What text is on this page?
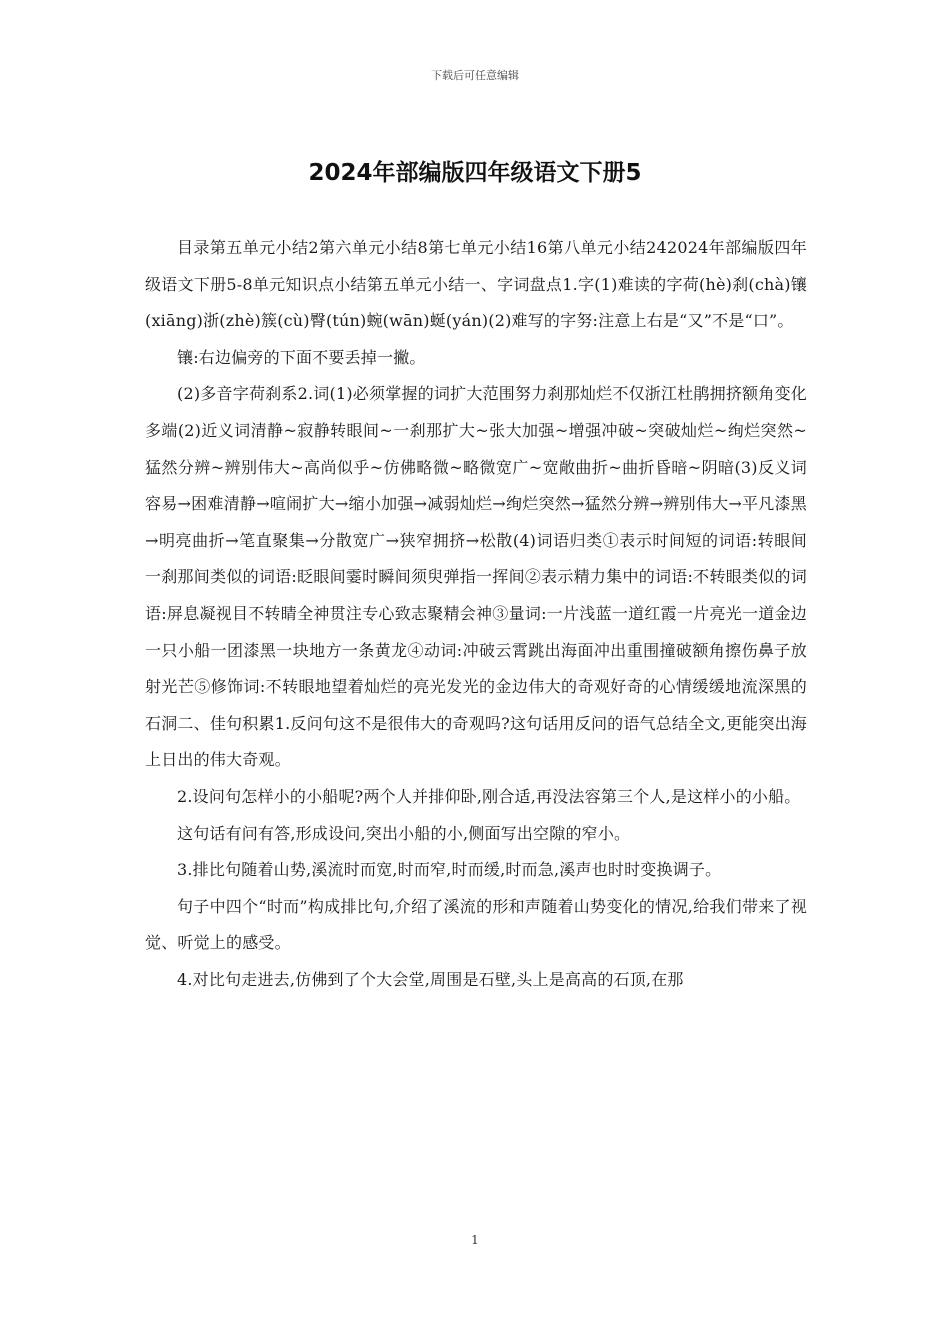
下载后可任意编辑
2024年部编版四年级语文下册5

目录第五单元小结2第六单元小结8第七单元小结16第八单元小结242024年部编版四年级语文下册5-8单元知识点小结第五单元小结一、字词盘点1.字(1)难读的字荷(hè)刹(chà)镶(xiāng)浙(zhè)簇(cù)臀(tún)蜿(wān)蜒(yán)(2)难写的字努:注意上右是“又”不是“口”。

镶:右边偏旁的下面不要丢掉一撇。

(2)多音字荷刹系2.词(1)必须掌握的词扩大范围努力刹那灿烂不仅浙江杜鹃拥挤额角变化多端(2)近义词清静~寂静转眼间~一刹那扩大~张大加强~增强冲破~突破灿烂~绚烂突然~猛然分辨~辨别伟大~高尚似乎~仿佛略微~略微宽广~宽敞曲折~曲折昏暗~阴暗(3)反义词容易→困难清静→喧闹扩大→缩小加强→减弱灿烂→绚烂突然→猛然分辨→辨别伟大→平凡漆黑→明亮曲折→笔直聚集→分散宽广→狭窄拥挤→松散(4)词语归类①表示时间短的词语:转眼间一刹那间类似的词语:眨眼间霎时瞬间须臾弹指一挥间②表示精力集中的词语:不转眼类似的词语:屏息凝视目不转睛全神贯注专心致志聚精会神③量词:一片浅蓝一道红霞一片亮光一道金边一只小船一团漆黑一块地方一条黄龙④动词:冲破云霄跳出海面冲出重围撞破额角擦伤鼻子放射光芒⑤修饰词:不转眼地望着灿烂的亮光发光的金边伟大的奇观好奇的心情缓缓地流深黑的石洞二、佳句积累1.反问句这不是很伟大的奇观吗?这句话用反问的语气总结全文,更能突出海上日出的伟大奇观。

2.设问句怎样小的小船呢?两个人并排仰卧,刚合适,再没法容第三个人,是这样小的小船。

这句话有问有答,形成设问,突出小船的小,侧面写出空隙的窄小。

3.排比句随着山势,溪流时而宽,时而窄,时而缓,时而急,溪声也时时变换调子。

句子中四个“时而”构成排比句,介绍了溪流的形和声随着山势变化的情况,给我们带来了视觉、听觉上的感受。

4.对比句走进去,仿佛到了个大会堂,周围是石壁,头上是高高的石顶,在那

1
